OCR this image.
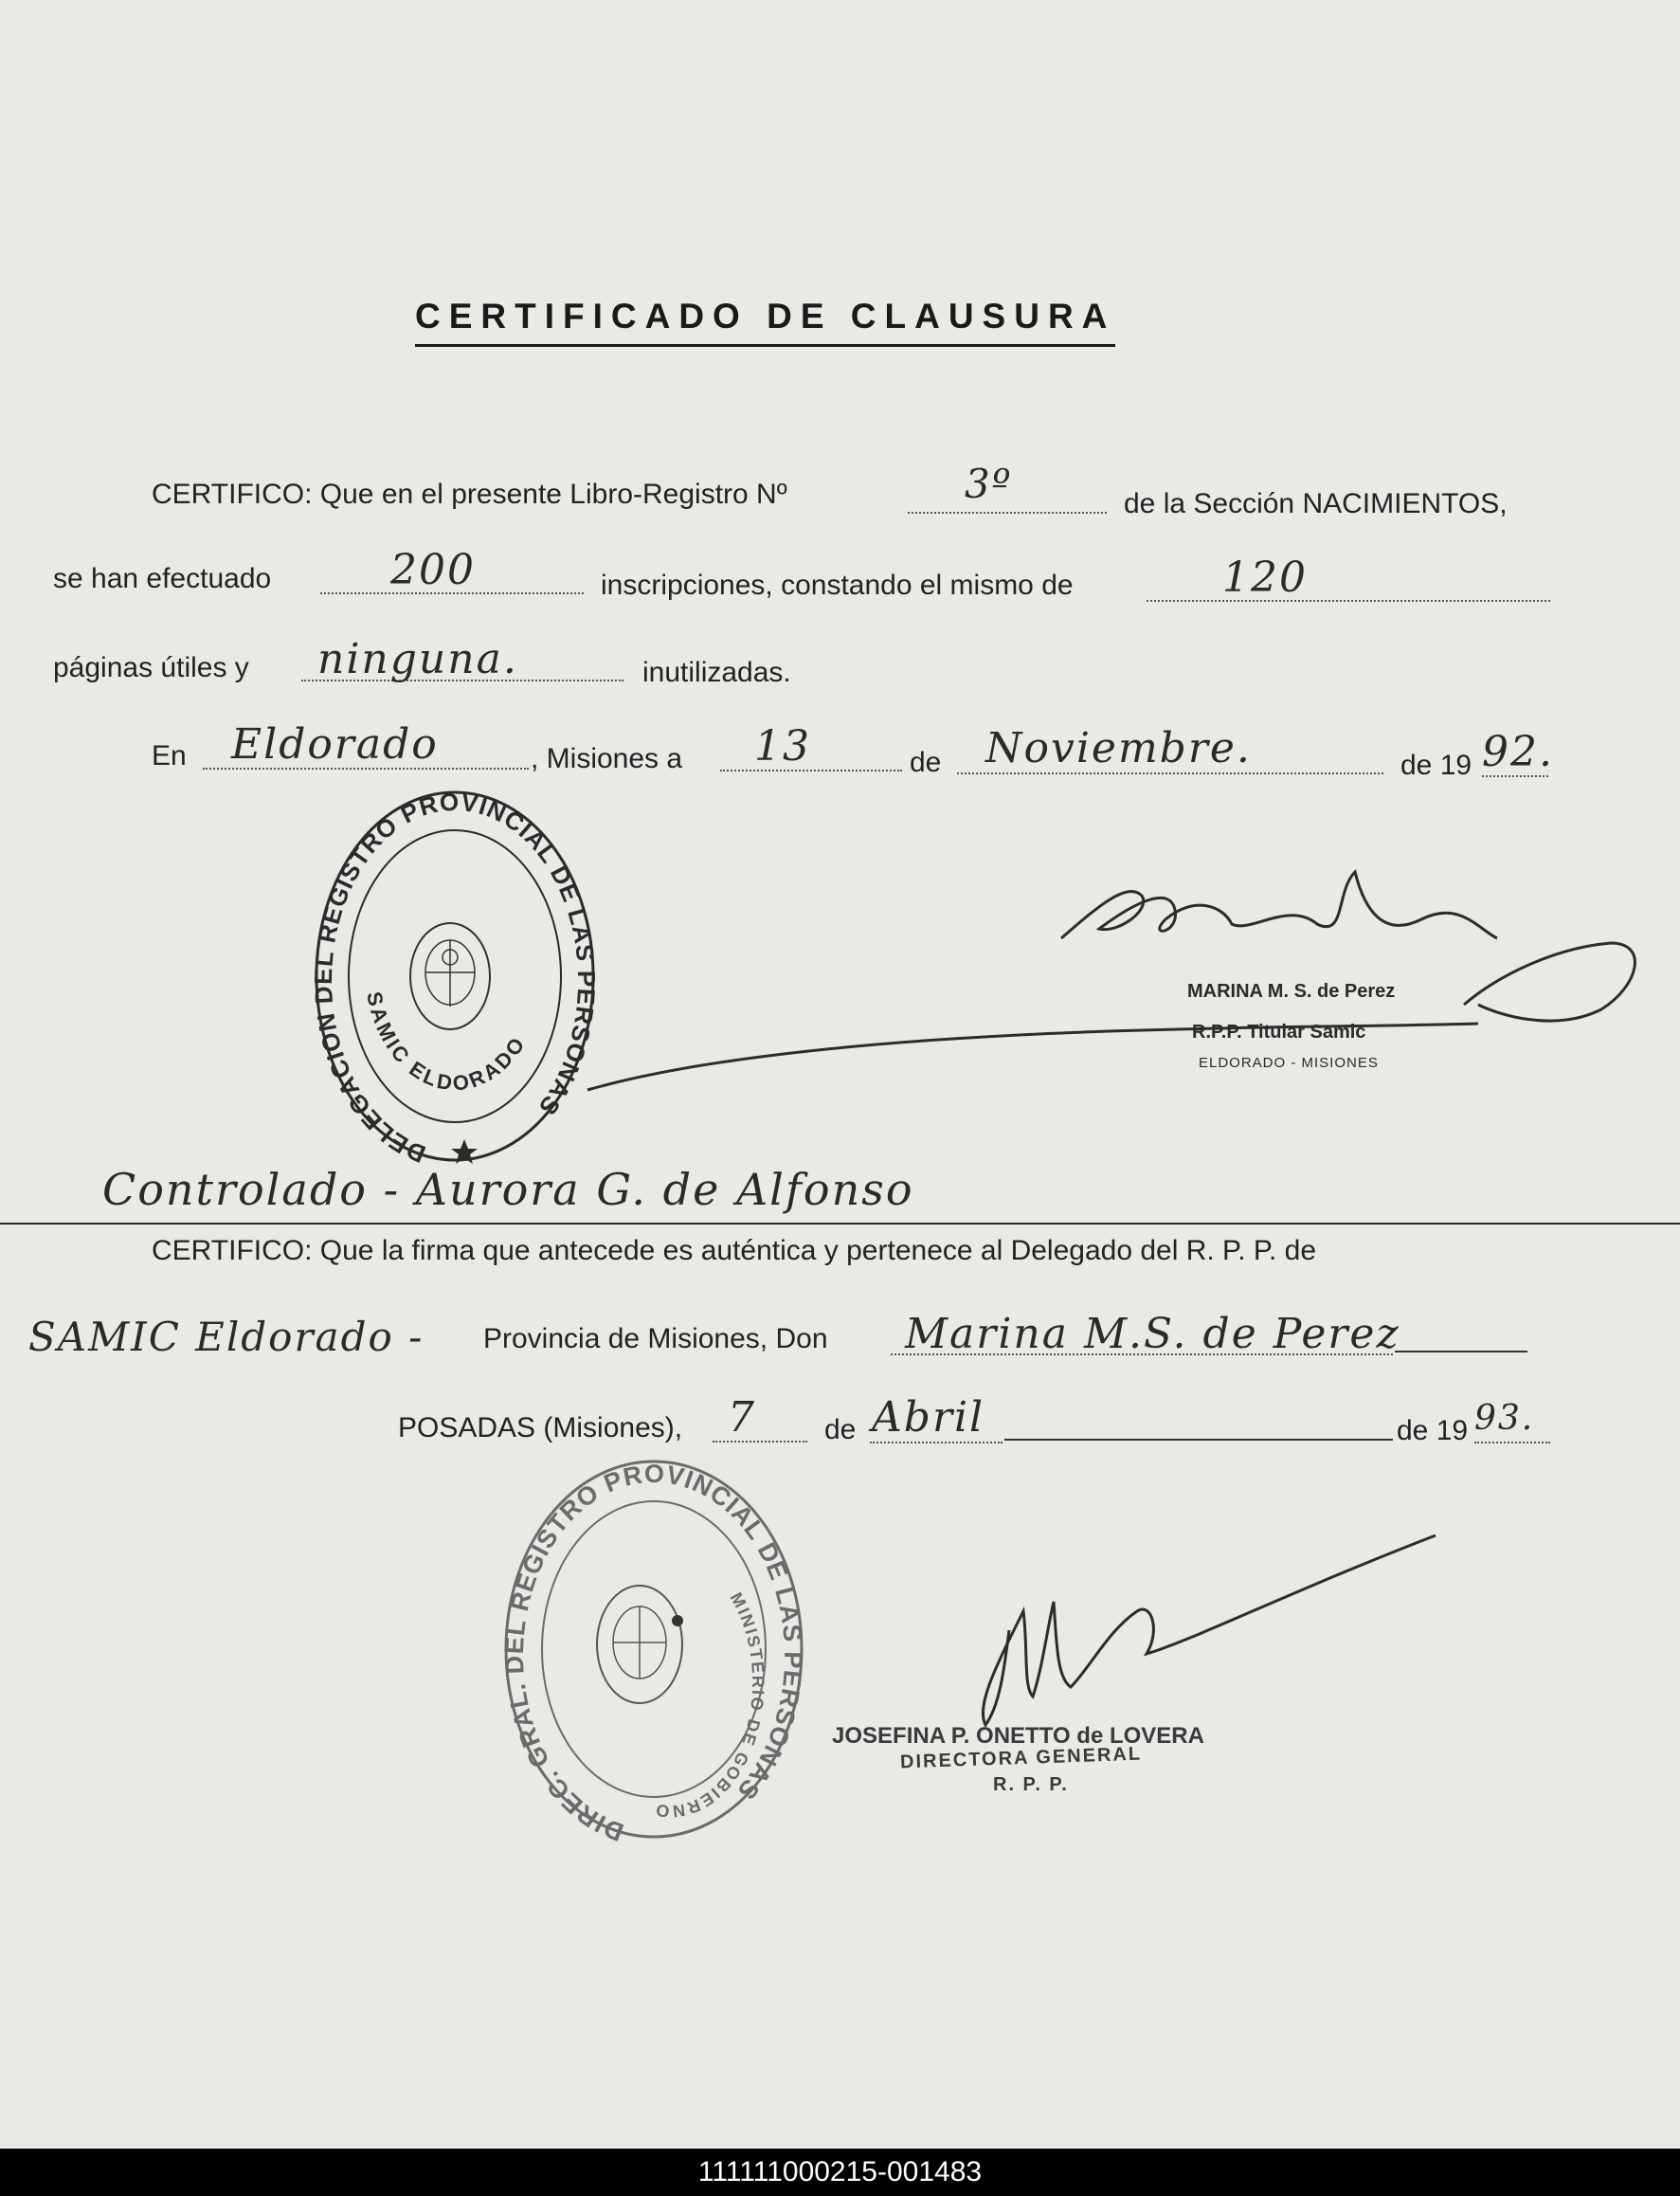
CERTIFICADO DE CLAUSURA
CERTIFICO: Que en el presente Libro-Registro Nº	3º	de la Sección NACIMIENTOS,
se han efectuado	200	inscripciones, constando el mismo de	120
páginas útiles y ninguna.	inutilizadas.
En Eldorado	, Misiones a 13	de Noviembre.	de 19 92.
DELEGACION DEL REGISTRO PROVINCIAL DE LAS PERSONAS
SAMIC ELDORADO
MARINA M. S. de Perez
R.P.P. Titular Samic
ELDORADO - MISIONES
Controlado - Aurora G. de Alfonso
CERTIFICO: Que la firma que antecede es auténtica y pertenece al Delegado del R. P. P. de
SAMIC Eldorado - Provincia de Misiones, Don Marina M.S. de Perez
POSADAS (Misiones), 7 de Abril	de 19 93.
DIREC. GRAL. DEL REGISTRO PROVINCIAL DE LAS PERSONAS
MINISTERIO DE GOBIERNO
JOSEFINA P. ONETTO de LOVERA
DIRECTORA GENERAL
R. P. P.
111111000215-001483
